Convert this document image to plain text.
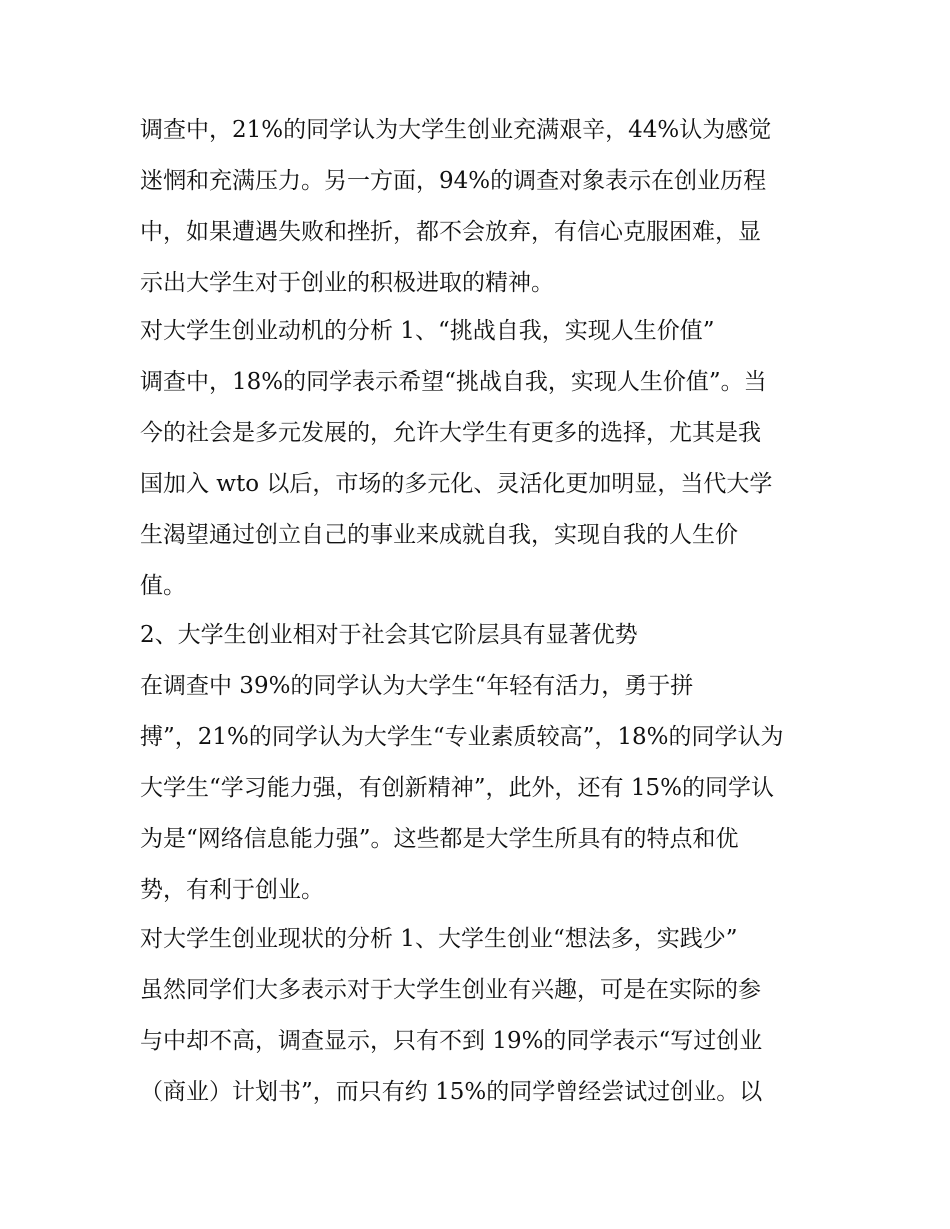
调查中，21%的同学认为大学生创业充满艰辛，44%认为感觉
迷惘和充满压力。另一方面，94%的调查对象表示在创业历程
中，如果遭遇失败和挫折，都不会放弃，有信心克服困难，显
示出大学生对于创业的积极进取的精神。
对大学生创业动机的分析 1、“挑战自我，实现人生价值”
调查中，18%的同学表示希望“挑战自我，实现人生价值”。当
今的社会是多元发展的，允许大学生有更多的选择，尤其是我
国加入 wto 以后，市场的多元化、灵活化更加明显，当代大学
生渴望通过创立自己的事业来成就自我，实现自我的人生价
值。
2、大学生创业相对于社会其它阶层具有显著优势
在调查中 39%的同学认为大学生“年轻有活力，勇于拼
搏”，21%的同学认为大学生“专业素质较高”，18%的同学认为
大学生“学习能力强，有创新精神”，此外，还有 15%的同学认
为是“网络信息能力强”。这些都是大学生所具有的特点和优
势，有利于创业。
对大学生创业现状的分析 1、大学生创业“想法多，实践少”
虽然同学们大多表示对于大学生创业有兴趣，可是在实际的参
与中却不高，调查显示，只有不到 19%的同学表示“写过创业
（商业）计划书”，而只有约 15%的同学曾经尝试过创业。以
